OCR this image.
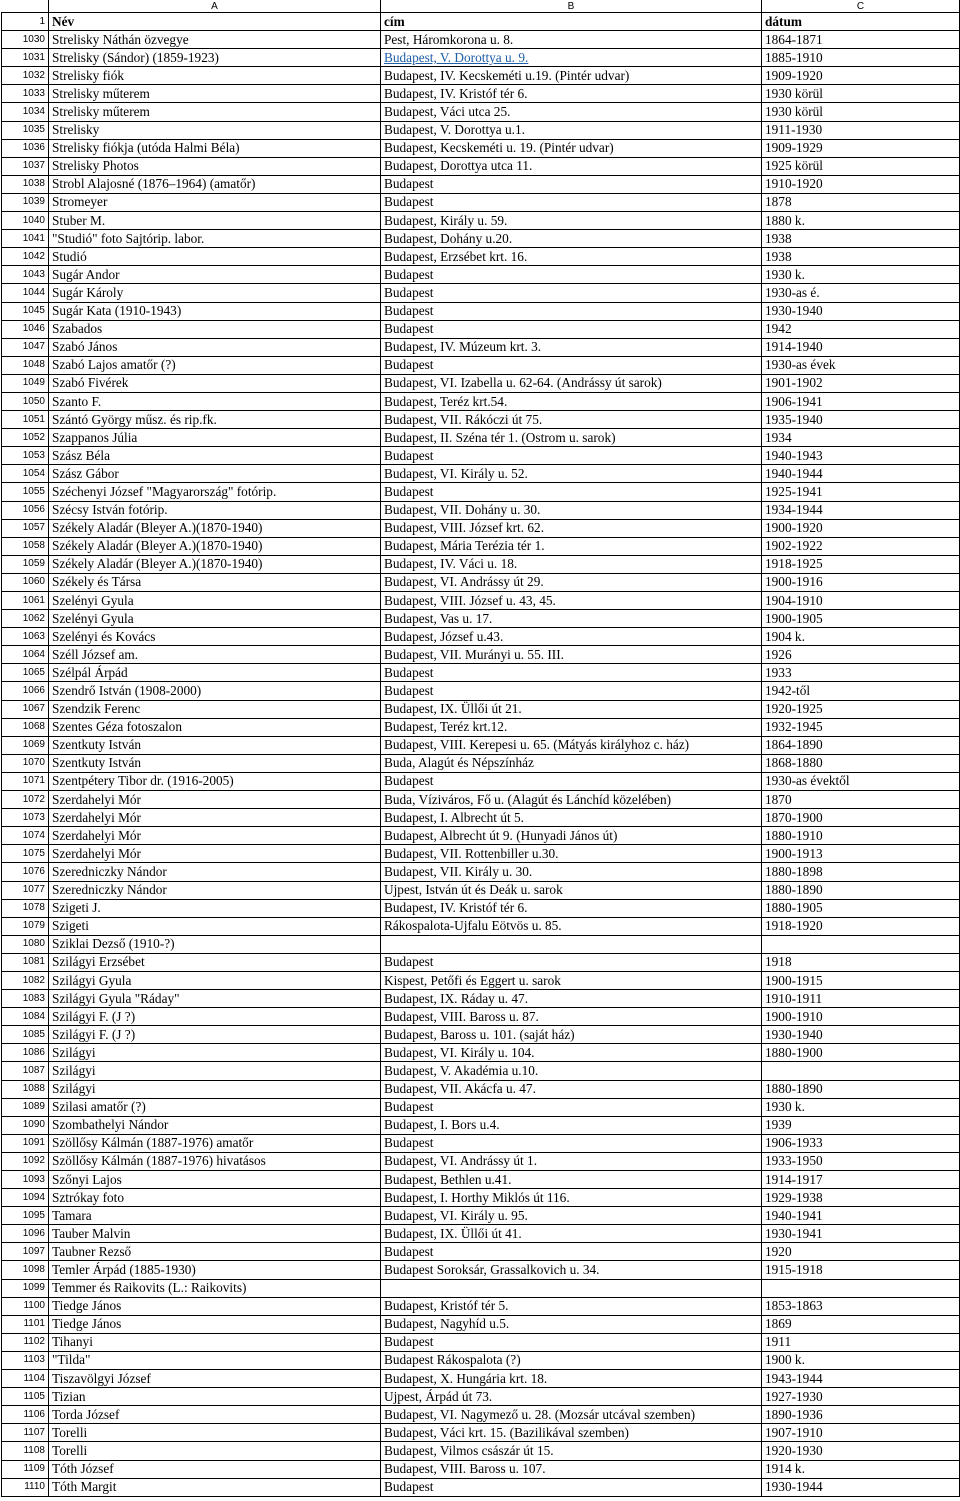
	A	B	C
1	Név	cím	dátum
1030	Strelisky Náthán özvegye	Pest, Háromkorona u. 8.	1864-1871
1031	Strelisky (Sándor) (1859-1923)	Budapest, V. Dorottya u. 9.	1885-1910
1032	Strelisky fiók	Budapest, IV. Kecskeméti u.19. (Pintér udvar)	1909-1920
1033	Strelisky műterem	Budapest, IV. Kristóf tér 6.	1930 körül
1034	Strelisky műterem	Budapest, Váci utca 25.	1930 körül
1035	Strelisky	Budapest, V. Dorottya u.1.	1911-1930
1036	Strelisky fiókja (utóda Halmi Béla)	Budapest, Kecskeméti u. 19. (Pintér udvar)	1909-1929
1037	Strelisky Photos	Budapest, Dorottya utca 11.	1925 körül
1038	Strobl Alajosné (1876–1964) (amatőr)	Budapest	1910-1920
1039	Stromeyer	Budapest	1878
1040	Stuber M.	Budapest, Király u. 59.	1880 k.
1041	"Studió" foto Sajtórip. labor.	Budapest, Dohány u.20.	1938
1042	Studió	Budapest, Erzsébet krt. 16.	1938
1043	Sugár Andor	Budapest	1930 k.
1044	Sugár Károly	Budapest	1930-as é.
1045	Sugár Kata (1910-1943)	Budapest	1930-1940
1046	Szabados	Budapest	1942
1047	Szabó János	Budapest, IV. Múzeum krt. 3.	1914-1940
1048	Szabó Lajos amatőr (?)	Budapest	1930-as évek
1049	Szabó Fivérek	Budapest, VI. Izabella u. 62-64. (Andrássy út sarok)	1901-1902
1050	Szanto F.	Budapest, Teréz krt.54.	1906-1941
1051	Szántó György műsz. és rip.fk.	Budapest, VII. Rákóczi út 75.	1935-1940
1052	Szappanos Júlia	Budapest, II. Széna tér 1. (Ostrom u. sarok)	1934
1053	Szász Béla	Budapest	1940-1943
1054	Szász Gábor	Budapest, VI. Király u. 52.	1940-1944
1055	Széchenyi József "Magyarország" fotórip.	Budapest	1925-1941
1056	Szécsy István fotórip.	Budapest, VII. Dohány u. 30.	1934-1944
1057	Székely Aladár (Bleyer A.)(1870-1940)	Budapest, VIII. József krt. 62.	1900-1920
1058	Székely Aladár (Bleyer A.)(1870-1940)	Budapest, Mária Terézia tér 1.	1902-1922
1059	Székely Aladár (Bleyer A.)(1870-1940)	Budapest, IV. Váci u. 18.	1918-1925
1060	Székely és Társa	Budapest, VI. Andrássy út 29.	1900-1916
1061	Szelényi Gyula	Budapest, VIII. József u. 43, 45.	1904-1910
1062	Szelényi Gyula	Budapest, Vas u. 17.	1900-1905
1063	Szelényi és Kovács	Budapest, József u.43.	1904 k.
1064	Széll József am.	Budapest, VII. Murányi u. 55. III.	1926
1065	Szélpál Árpád	Budapest	1933
1066	Szendrő István (1908-2000)	Budapest	1942-től
1067	Szendzik Ferenc	Budapest, IX. Üllői út 21.	1920-1925
1068	Szentes Géza fotoszalon	Budapest, Teréz krt.12.	1932-1945
1069	Szentkuty István	Budapest, VIII. Kerepesi u. 65. (Mátyás királyhoz c. ház)	1864-1890
1070	Szentkuty István	Buda, Alagút és Népszínház	1868-1880
1071	Szentpétery Tibor dr. (1916-2005)	Budapest	1930-as évektől
1072	Szerdahelyi Mór	Buda, Víziváros, Fő u. (Alagút és Lánchíd közelében)	1870
1073	Szerdahelyi Mór	Budapest, I. Albrecht út 5.	1870-1900
1074	Szerdahelyi Mór	Budapest, Albrecht út 9. (Hunyadi János út)	1880-1910
1075	Szerdahelyi Mór	Budapest, VII. Rottenbiller u.30.	1900-1913
1076	Szeredniczky Nándor	Budapest, VII. Király u. 30.	1880-1898
1077	Szeredniczky Nándor	Ujpest, István út és Deák u. sarok	1880-1890
1078	Szigeti J.	Budapest, IV. Kristóf tér 6.	1880-1905
1079	Szigeti	Rákospalota-Ujfalu Eötvös u. 85.	1918-1920
1080	Sziklai Dezső (1910-?)		
1081	Szilágyi Erzsébet	Budapest	1918
1082	Szilágyi Gyula	Kispest, Petőfi és Eggert u. sarok	1900-1915
1083	Szilágyi Gyula "Ráday"	Budapest, IX. Ráday u. 47.	1910-1911
1084	Szilágyi F. (J ?)	Budapest, VIII. Baross u. 87.	1900-1910
1085	Szilágyi F. (J ?)	Budapest, Baross u. 101. (saját ház)	1930-1940
1086	Szilágyi	Budapest, VI. Király u. 104.	1880-1900
1087	Szilágyi	Budapest, V. Akadémia u.10.	
1088	Szilágyi	Budapest, VII. Akácfa u. 47.	1880-1890
1089	Szilasi amatőr (?)	Budapest	1930 k.
1090	Szombathelyi Nándor	Budapest, I. Bors u.4.	1939
1091	Szöllősy Kálmán (1887-1976) amatőr	Budapest	1906-1933
1092	Szöllősy Kálmán (1887-1976) hivatásos	Budapest, VI. Andrássy út 1.	1933-1950
1093	Szőnyi Lajos	Budapest, Bethlen u.41.	1914-1917
1094	Sztrókay foto	Budapest, I. Horthy Miklós út 116.	1929-1938
1095	Tamara	Budapest, VI. Király u. 95.	1940-1941
1096	Tauber Malvin	Budapest, IX. Üllői út 41.	1930-1941
1097	Taubner Rezső	Budapest	1920
1098	Temler Árpád (1885-1930)	Budapest Soroksár, Grassalkovich u. 34.	1915-1918
1099	Temmer és Raikovits (L.: Raikovits)		
1100	Tiedge János	Budapest, Kristóf tér 5.	1853-1863
1101	Tiedge János	Budapest, Nagyhíd u.5.	1869
1102	Tihanyi	Budapest	1911
1103	"Tilda"	Budapest Rákospalota (?)	1900 k.
1104	Tiszavölgyi József	Budapest, X. Hungária krt. 18.	1943-1944
1105	Tizian	Ujpest, Árpád út 73.	1927-1930
1106	Torda József	Budapest, VI. Nagymező u. 28. (Mozsár utcával szemben)	1890-1936
1107	Torelli	Budapest, Váci krt. 15. (Bazilikával szemben)	1907-1910
1108	Torelli	Budapest, Vilmos császár út 15.	1920-1930
1109	Tóth József	Budapest, VIII. Baross u. 107.	1914 k.
1110	Tóth Margit	Budapest	1930-1944
